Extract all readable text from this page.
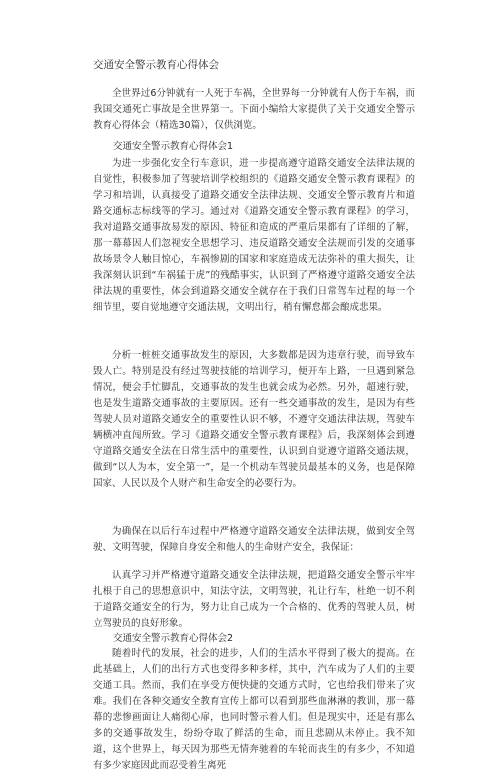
交通安全警示教育心得体会

全世界过6分钟就有一人死于车祸，全世界每一分钟就有人伤于车祸，而我国交通死亡事故是全世界第一。下面小编给大家提供了关于交通安全警示教育心得体会（精选30篇），仅供浏览。

交通安全警示教育心得体会1

为进一步强化安全行车意识，进一步提高遵守道路交通安全法律法规的自觉性，积极参加了驾驶培训学校组织的《道路交通安全警示教育课程》的学习和培训，认真接受了道路交通安全法律法规、交通安全警示教育片和道路交通标志标线等的学习。通过对《道路交通安全警示教育课程》的学习，我对道路交通事故易发的原因、特征和造成的严重后果都有了详细的了解，那一幕幕因人们忽视安全思想学习、违反道路交通安全法规而引发的交通事故场景令人触目惊心，车祸惨剧的国家和家庭造成无法弥补的重大损失，让我深刻认识到“车祸猛于虎”的残酷事实，认识到了严格遵守道路交通安全法律法规的重要性，体会到道路交通安全就存在于我们日常驾车过程的每一个细节里，要自觉地遵守交通法规，文明出行，稍有懈怠都会酿成悲果。

分析一桩桩交通事故发生的原因，大多数都是因为违章行驶，而导致车毁人亡。特别是没有经过驾驶技能的培训学习，便开车上路，一旦遇到紧急情况，便会手忙脚乱，交通事故的发生也就会成为必然。另外，超速行驶，也是发生道路交通事故的主要原因。还有一些交通事故的发生，是因为有些驾驶人员对道路交通安全的重要性认识不够，不遵守交通法律法规，驾驶车辆横冲直闯所致。学习《道路交通安全警示教育课程》后，我深刻体会到遵守道路交通安全法在日常生活中的重要性，认识到自觉遵守道路交通法规，做到“以人为本，安全第一”，是一个机动车驾驶员最基本的义务，也是保障国家、人民以及个人财产和生命安全的必要行为。

为确保在以后行车过程中严格遵守道路交通安全法律法规，做到安全驾驶、文明驾驶，保障自身安全和他人的生命财产安全，我保证：

认真学习并严格遵守道路交通安全法律法规，把道路交通安全警示牢牢扎根于自己的思想意识中，知法守法，文明驾驶，礼让行车，杜绝一切不利于道路交通安全的行为，努力让自己成为一个合格的、优秀的驾驶人员，树立驾驶员的良好形象。

交通安全警示教育心得体会2

随着时代的发展，社会的进步，人们的生活水平得到了极大的提高。在此基础上，人们的出行方式也变得多种多样，其中，汽车成为了人们的主要交通工具。然而，我们在享受方便快捷的交通方式时，它也给我们带来了灾难。我们在各种交通安全教育宣传上都可以看到那些血淋淋的教训，那一幕幕的悲惨画面让人痛彻心扉，也同时警示着人们。但是现实中，还是有那么多的交通事故发生，纷纷夺取了鲜活的生命，而且悲剧从未停止。我不知道，这个世界上，每天因为那些无情奔驰着的车轮而丧生的有多少，不知道有多少家庭因此而忍受着生离死
